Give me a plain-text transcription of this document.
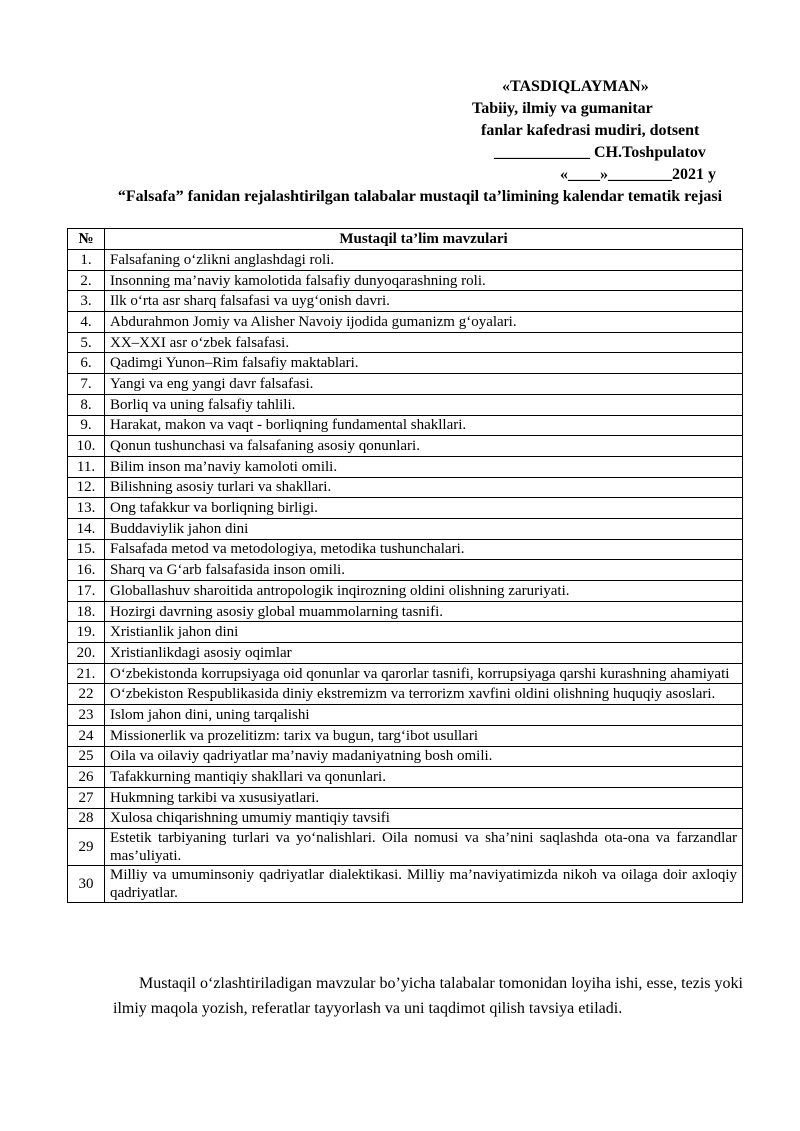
«TASDIQLAYMAN»
Tabiiy, ilmiy va gumanitar
fanlar kafedrasi mudiri, dotsent
____________ CH.Toshpulatov
«____»________2021 y
“Falsafa” fanidan rejalashtirilgan talabalar mustaqil ta’limining kalendar tematik rejasi
№	Mustaqil ta’lim mavzulari
1.	Falsafaning o‘zlikni anglashdagi roli.
2.	Insonning ma’naviy kamolotida falsafiy dunyoqarashning roli.
3.	Ilk o‘rta asr sharq falsafasi va uyg‘onish davri.
4.	Abdurahmon Jomiy va Alisher Navoiy ijodida gumanizm g‘oyalari.
5.	XX–XXI asr o‘zbek falsafasi.
6.	Qadimgi Yunon–Rim falsafiy maktablari.
7.	Yangi va eng yangi davr falsafasi.
8.	Borliq va uning falsafiy tahlili.
9.	Harakat, makon va vaqt - borliqning fundamental shakllari.
10.	Qonun tushunchasi va falsafaning asosiy qonunlari.
11.	Bilim inson ma’naviy kamoloti omili.
12.	Bilishning asosiy turlari va shakllari.
13.	Ong tafakkur va borliqning birligi.
14.	Buddaviylik jahon dini
15.	Falsafada metod va metodologiya, metodika tushunchalari.
16.	Sharq va G‘arb falsafasida inson omili.
17.	Globallashuv sharoitida antropologik inqirozning oldini olishning zaruriyati.
18.	Hozirgi davrning asosiy global muammolarning tasnifi.
19.	Xristianlik jahon dini
20.	Xristianlikdagi asosiy oqimlar
21.	O‘zbekistonda korrupsiyaga oid qonunlar va qarorlar tasnifi, korrupsiyaga qarshi kurashning ahamiyati
22	O‘zbekiston Respublikasida diniy ekstremizm va terrorizm xavfini oldini olishning huquqiy asoslari.
23	Islom jahon dini, uning tarqalishi
24	Missionerlik va prozelitizm: tarix va bugun, targ‘ibot usullari
25	Oila va oilaviy qadriyatlar ma’naviy madaniyatning bosh omili.
26	Tafakkurning mantiqiy shakllari va qonunlari.
27	Hukmning tarkibi va xususiyatlari.
28	Xulosa chiqarishning umumiy mantiqiy tavsifi
29	Estetik tarbiyaning turlari va yo‘nalishlari. Oila nomusi va sha’nini saqlashda ota-ona va farzandlar mas’uliyati.
30	Milliy va umuminsoniy qadriyatlar dialektikasi. Milliy ma’naviyatimizda nikoh va oilaga doir axloqiy qadriyatlar.
Mustaqil o‘zlashtiriladigan mavzular bo’yicha talabalar tomonidan loyiha ishi, esse, tezis yoki ilmiy maqola yozish, referatlar tayyorlash va uni taqdimot qilish tavsiya etiladi.
